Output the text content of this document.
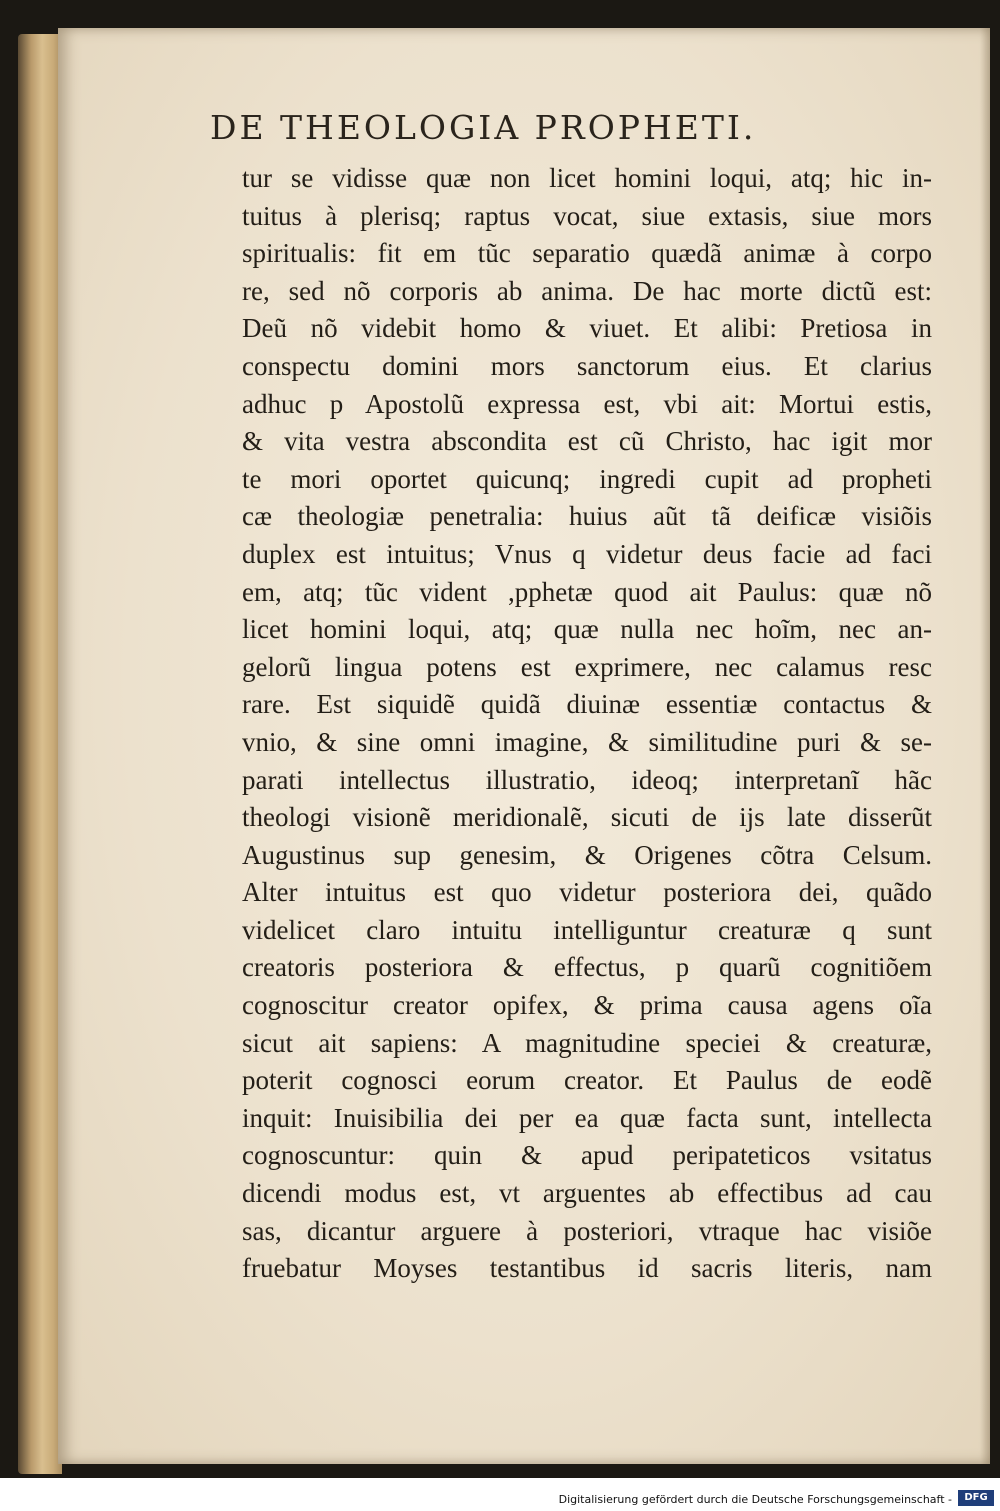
DE THEOLOGIA PROPHETI.
tur se vidisse quæ non licet homini loqui, atq; hic in-
tuitus à plerisq; raptus vocat, siue extasis, siue mors
spiritualis: fit em tũc separatio quædã animæ à corpo
re, sed nõ corporis ab anima. De hac morte dictũ est:
Deũ nõ videbit homo & viuet. Et alibi: Pretiosa in
conspectu domini mors sanctorum eius. Et clarius
adhuc p Apostolũ expressa est, vbi ait: Mortui estis,
& vita vestra abscondita est cũ Christo, hac igit mor
te mori oportet quicunq; ingredi cupit ad propheti
cæ theologiæ penetralia: huius aũt tã deificæ visiõis
duplex est intuitus; Vnus q videtur deus facie ad faci
em, atq; tũc vident ,pphetæ quod ait Paulus: quæ nõ
licet homini loqui, atq; quæ nulla nec hoĩm, nec an-
gelorũ lingua potens est exprimere, nec calamus resc
rare. Est siquidẽ quidã diuinæ essentiæ contactus &
vnio, & sine omni imagine, & similitudine puri & se-
parati intellectus illustratio, ideoq; interpretanĩ hãc
theologi visionẽ meridionalẽ, sicuti de ijs late disserũt
Augustinus sup genesim, & Origenes cõtra Celsum.
Alter intuitus est quo videtur posteriora dei, quãdo
videlicet claro intuitu intelliguntur creaturæ q sunt
creatoris posteriora & effectus, p quarũ cognitiõem
cognoscitur creator opifex, & prima causa agens oĩa
sicut ait sapiens: A magnitudine speciei & creaturæ,
poterit cognosci eorum creator. Et Paulus de eodẽ
inquit: Inuisibilia dei per ea quæ facta sunt, intellecta
cognoscuntur: quin & apud peripateticos vsitatus
dicendi modus est, vt arguentes ab effectibus ad cau
sas, dicantur arguere à posteriori, vtraque hac visiõe
fruebatur Moyses testantibus id sacris literis, nam
Digitalisierung gefördert durch die Deutsche Forschungsgemeinschaft -	DFG
